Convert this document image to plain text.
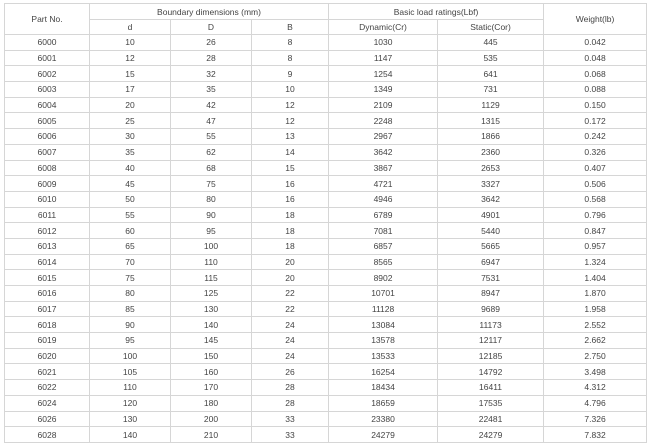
Part No.	Boundary dimensions (mm)			Basic load ratings(Lbf)		Weight(lb)
	d	D	B	Dynamic(Cr)	Static(Cor)	
6000	10	26	8	1030	445	0.042
6001	12	28	8	1147	535	0.048
6002	15	32	9	1254	641	0.068
6003	17	35	10	1349	731	0.088
6004	20	42	12	2109	1129	0.150
6005	25	47	12	2248	1315	0.172
6006	30	55	13	2967	1866	0.242
6007	35	62	14	3642	2360	0.326
6008	40	68	15	3867	2653	0.407
6009	45	75	16	4721	3327	0.506
6010	50	80	16	4946	3642	0.568
6011	55	90	18	6789	4901	0.796
6012	60	95	18	7081	5440	0.847
6013	65	100	18	6857	5665	0.957
6014	70	110	20	8565	6947	1.324
6015	75	115	20	8902	7531	1.404
6016	80	125	22	10701	8947	1.870
6017	85	130	22	11128	9689	1.958
6018	90	140	24	13084	11173	2.552
6019	95	145	24	13578	12117	2.662
6020	100	150	24	13533	12185	2.750
6021	105	160	26	16254	14792	3.498
6022	110	170	28	18434	16411	4.312
6024	120	180	28	18659	17535	4.796
6026	130	200	33	23380	22481	7.326
6028	140	210	33	24279	24279	7.832
